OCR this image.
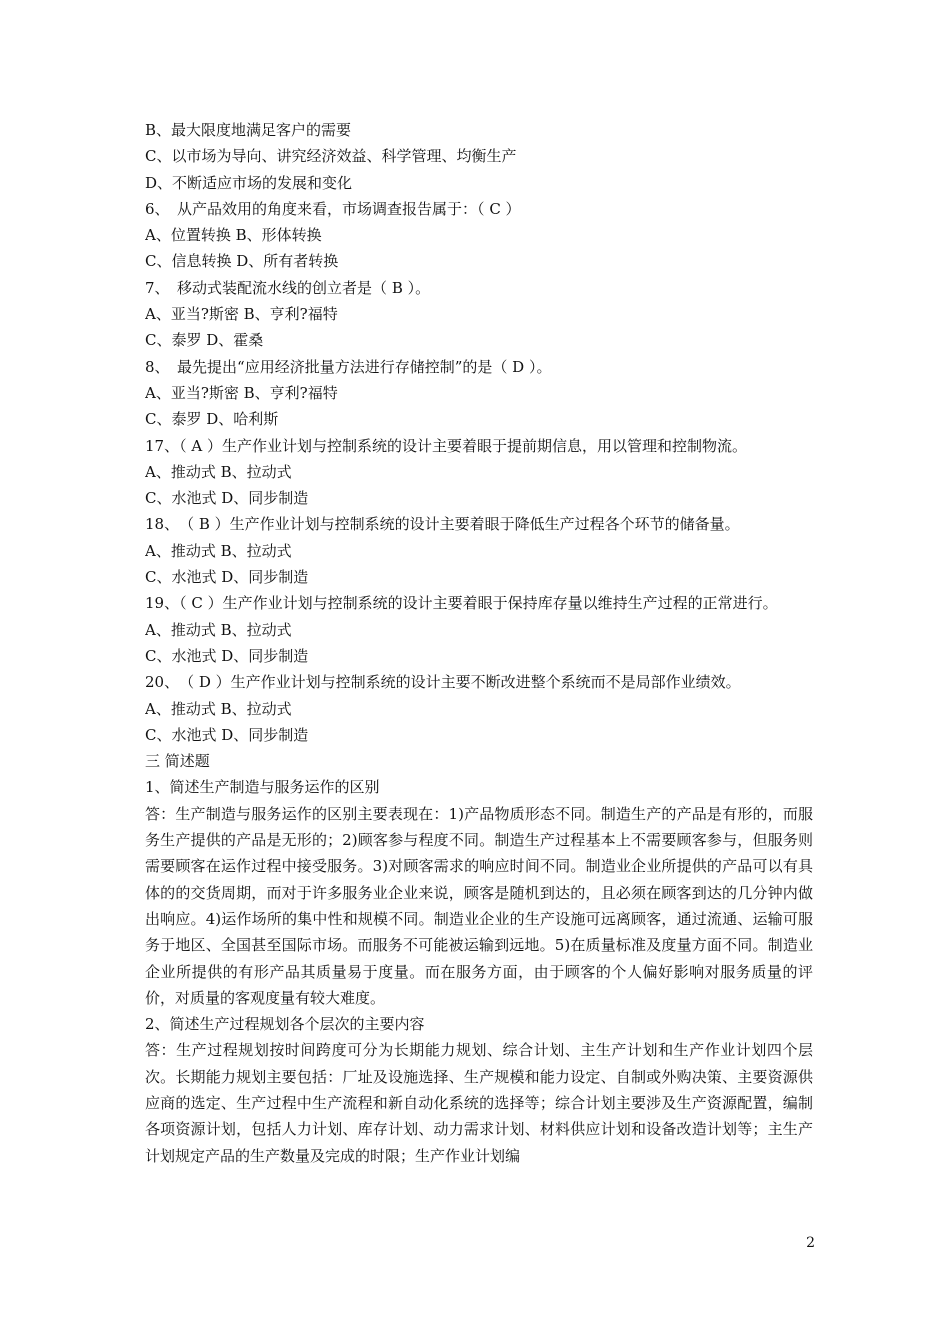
B、最大限度地满足客户的需要

C、以市场为导向、讲究经济效益、科学管理、均衡生产

D、不断适应市场的发展和变化

6、　从产品效用的角度来看，市场调查报告属于：（ C ）

A、位置转换 B、形体转换

C、信息转换 D、所有者转换

7、　移动式装配流水线的创立者是（ B ）。

A、亚当?斯密 B、亨利?福特

C、泰罗 D、霍桑

8、　最先提出“应用经济批量方法进行存储控制”的是（ D ）。

A、亚当?斯密 B、亨利?福特

C、泰罗 D、哈利斯

17、（ A ）生产作业计划与控制系统的设计主要着眼于提前期信息，用以管理和控制物流。

A、推动式 B、拉动式

C、水池式 D、同步制造

18、　（ B ）生产作业计划与控制系统的设计主要着眼于降低生产过程各个环节的储备量。

A、推动式 B、拉动式

C、水池式 D、同步制造

19、（ C ）生产作业计划与控制系统的设计主要着眼于保持库存量以维持生产过程的正常进行。

A、推动式 B、拉动式

C、水池式 D、同步制造

20、　（ D ）生产作业计划与控制系统的设计主要不断改进整个系统而不是局部作业绩效。

A、推动式 B、拉动式

C、水池式 D、同步制造

三 简述题

1、简述生产制造与服务运作的区别

答：生产制造与服务运作的区别主要表现在：1)产品物质形态不同。制造生产的产品是有形的，而服务生产提供的产品是无形的；2)顾客参与程度不同。制造生产过程基本上不需要顾客参与，但服务则需要顾客在运作过程中接受服务。3)对顾客需求的响应时间不同。制造业企业所提供的产品可以有具体的的交货周期，而对于许多服务业企业来说，顾客是随机到达的，且必须在顾客到达的几分钟内做出响应。4)运作场所的集中性和规模不同。制造业企业的生产设施可远离顾客，通过流通、运输可服务于地区、全国甚至国际市场。而服务不可能被运输到远地。5)在质量标准及度量方面不同。制造业企业所提供的有形产品其质量易于度量。而在服务方面，由于顾客的个人偏好影响对服务质量的评价，对质量的客观度量有较大难度。

2、简述生产过程规划各个层次的主要内容

答：生产过程规划按时间跨度可分为长期能力规划、综合计划、主生产计划和生产作业计划四个层次。长期能力规划主要包括：厂址及设施选择、生产规模和能力设定、自制或外购决策、主要资源供应商的选定、生产过程中生产流程和新自动化系统的选择等；综合计划主要涉及生产资源配置，编制各项资源计划，包括人力计划、库存计划、动力需求计划、材料供应计划和设备改造计划等；主生产计划规定产品的生产数量及完成的时限；生产作业计划编

2
